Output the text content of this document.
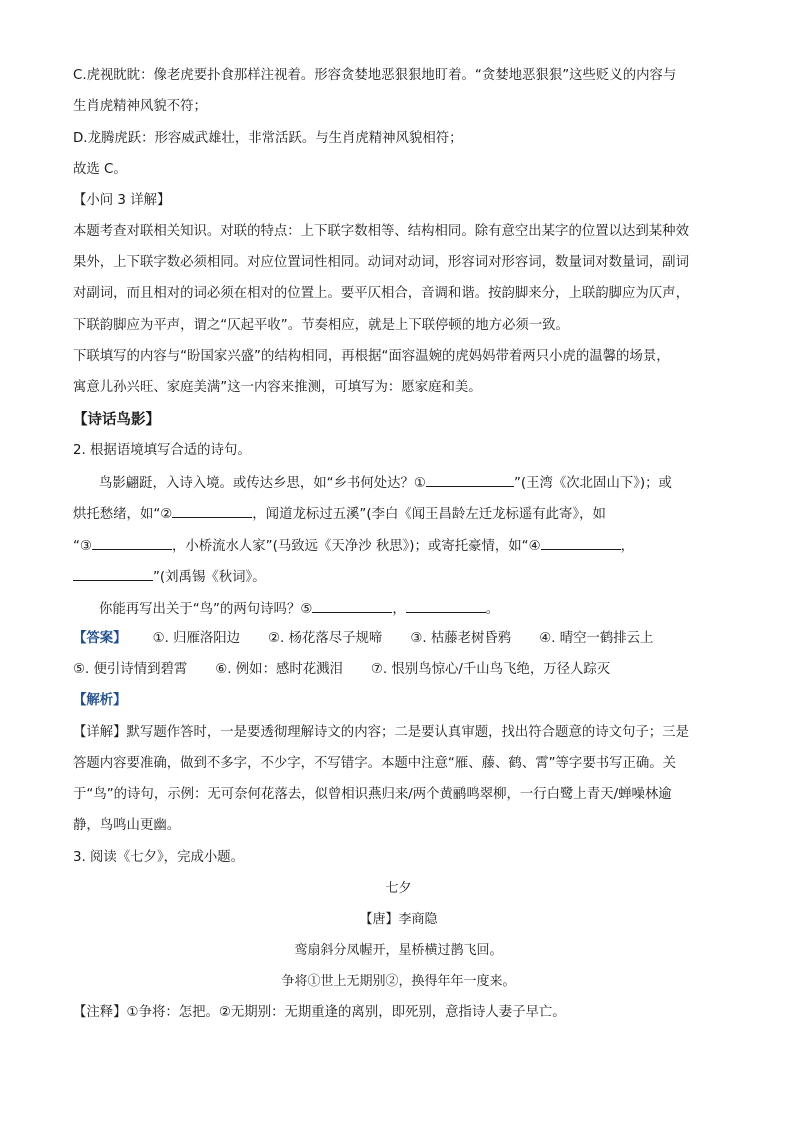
C.虎视眈眈：像老虎要扑食那样注视着。形容贪婪地恶狠狠地盯着。“贪婪地恶狠狠”这些贬义的内容与
生肖虎精神风貌不符；
D.龙腾虎跃：形容威武雄壮，非常活跃。与生肖虎精神风貌相符；
故选 C。
【小问 3 详解】
本题考查对联相关知识。对联的特点：上下联字数相等、结构相同。除有意空出某字的位置以达到某种效
果外，上下联字数必须相同。对应位置词性相同。动词对动词，形容词对形容词，数量词对数量词，副词
对副词，而且相对的词必须在相对的位置上。要平仄相合，音调和谐。按韵脚来分，上联韵脚应为仄声，
下联韵脚应为平声，谓之“仄起平收”。节奏相应，就是上下联停顿的地方必须一致。
下联填写的内容与“盼国家兴盛”的结构相同，再根据“面容温婉的虎妈妈带着两只小虎的温馨的场景，
寓意儿孙兴旺、家庭美满”这一内容来推测，可填写为：愿家庭和美。
【诗话鸟影】
2. 根据语境填写合适的诗句。
鸟影翩跹，入诗入境。或传达乡思，如“乡书何处达？①	”(王湾《次北固山下》)；或
烘托愁绪，如“②	，闻道龙标过五溪”(李白《闻王昌龄左迁龙标遥有此寄》，如
“③	，小桥流水人家”(马致远《天净沙 秋思》)；或寄托豪情，如“④	，
”(刘禹锡《秋词》。
你能再写出关于“鸟”的两句诗吗？⑤	，	。
【答案】 ①. 归雁洛阳边 ②. 杨花落尽子规啼 ③. 枯藤老树昏鸦 ④. 晴空一鹤排云上
⑤. 便引诗情到碧霄 ⑥. 例如：感时花溅泪 ⑦. 恨别鸟惊心/千山鸟飞绝，万径人踪灭
【解析】
【详解】默写题作答时，一是要透彻理解诗文的内容；二是要认真审题，找出符合题意的诗文句子；三是
答题内容要准确，做到不多字，不少字，不写错字。本题中注意“雁、藤、鹤、霄”等字要书写正确。关
于“鸟”的诗句，示例：无可奈何花落去，似曾相识燕归来/两个黄鹂鸣翠柳，一行白鹭上青天/蝉噪林逾
静，鸟鸣山更幽。
3. 阅读《七夕》，完成小题。
七夕
【唐】李商隐
鸾扇斜分凤幄开，星桥横过鹊飞回。
争将①世上无期别②，换得年年一度来。
【注释】①争将：怎把。②无期别：无期重逢的离别，即死别，意指诗人妻子早亡。
